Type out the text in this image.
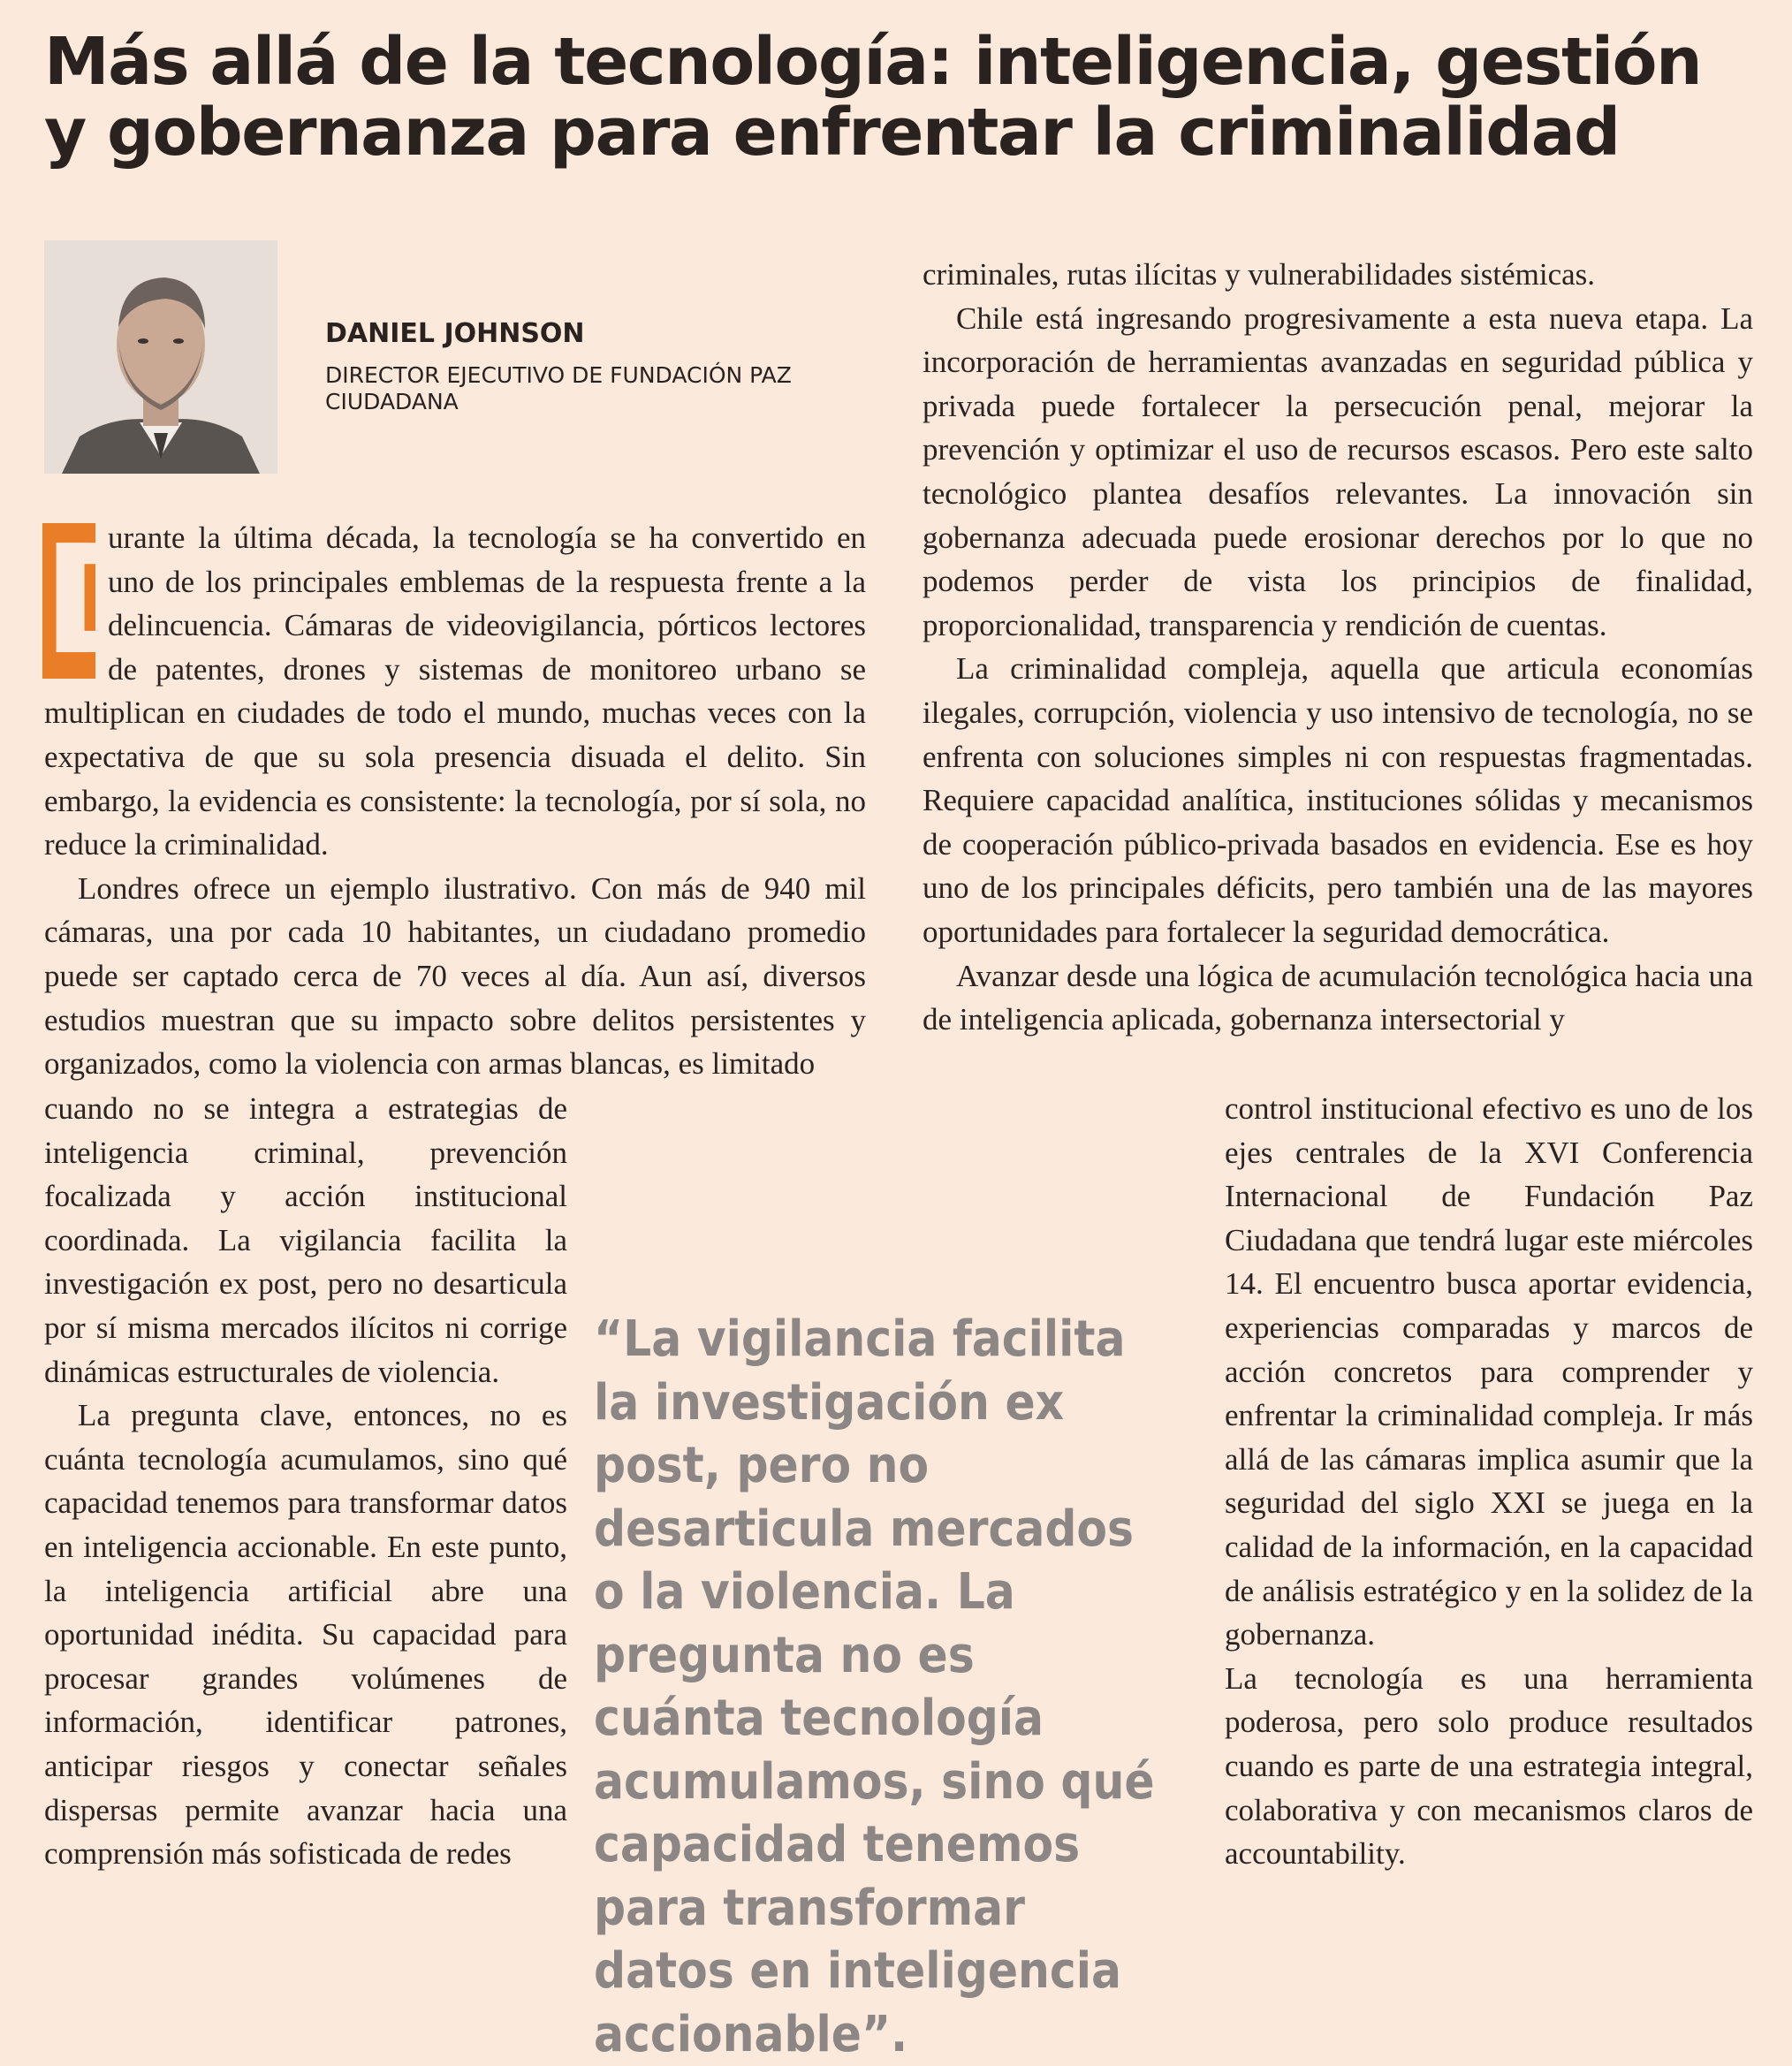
Más allá de la tecnología: inteligencia, gestión y gobernanza para enfrentar la criminalidad
DANIEL JOHNSON
DIRECTOR EJECUTIVO DE FUNDACIÓN PAZ CIUDADANA

D
urante la última década, la tecnología se ha convertido en uno de los principales emblemas de la respuesta frente a la delincuencia. Cámaras de videovigilancia, pórticos lectores de patentes, drones y sistemas de monitoreo urbano se multiplican en ciudades de todo el mundo, muchas veces con la expectativa de que su sola presencia disuada el delito. Sin embargo, la evidencia es consistente: la tecnología, por sí sola, no reduce la criminalidad.

Londres ofrece un ejemplo ilustrativo. Con más de 940 mil cámaras, una por cada 10 habitantes, un ciudadano promedio puede ser captado cerca de 70 veces al día. Aun así, diversos estudios muestran que su impacto sobre delitos persistentes y organizados, como la violencia con armas blancas, es limitado

cuando no se integra a estrategias de inteligencia criminal, prevención focalizada y acción institucional coordinada. La vigilancia facilita la investigación ex post, pero no desarticula por sí misma mercados ilícitos ni corrige dinámicas estructurales de violencia.

La pregunta clave, entonces, no es cuánta tecnología acumulamos, sino qué capacidad tenemos para transformar datos en inteligencia accionable. En este punto, la inteligencia artificial abre una oportunidad inédita. Su capacidad para procesar grandes volúmenes de información, identificar patrones, anticipar riesgos y conectar señales dispersas permite avanzar hacia una comprensión más sofisticada de redes

criminales, rutas ilícitas y vulnerabilidades sistémicas.

Chile está ingresando progresivamente a esta nueva etapa. La incorporación de herramientas avanzadas en seguridad pública y privada puede fortalecer la persecución penal, mejorar la prevención y optimizar el uso de recursos escasos. Pero este salto tecnológico plantea desafíos relevantes. La innovación sin gobernanza adecuada puede erosionar derechos por lo que no podemos perder de vista los principios de finalidad, proporcionalidad, transparencia y rendición de cuentas.

La criminalidad compleja, aquella que articula economías ilegales, corrupción, violencia y uso intensivo de tecnología, no se enfrenta con soluciones simples ni con respuestas fragmentadas. Requiere capacidad analítica, instituciones sólidas y mecanismos de cooperación público-privada basados en evidencia. Ese es hoy uno de los principales déficits, pero también una de las mayores oportunidades para fortalecer la seguridad democrática.

Avanzar desde una lógica de acumulación tecnológica hacia una de inteligencia aplicada, gobernanza intersectorial y

control institucional efectivo es uno de los ejes centrales de la XVI Conferencia Internacional de Fundación Paz Ciudadana que tendrá lugar este miércoles 14. El encuentro busca aportar evidencia, experiencias comparadas y marcos de acción concretos para comprender y enfrentar la criminalidad compleja. Ir más allá de las cámaras implica asumir que la seguridad del siglo XXI se juega en la calidad de la información, en la capacidad de análisis estratégico y en la solidez de la gobernanza.

La tecnología es una herramienta poderosa, pero solo produce resultados cuando es parte de una estrategia integral, colaborativa y con mecanismos claros de accountability.

“La vigilancia facilita la investigación ex post, pero no desarticula mercados o la violencia. La pregunta no es cuánta tecnología acumulamos, sino qué capacidad tenemos para transformar datos en inteligencia accionable”.
